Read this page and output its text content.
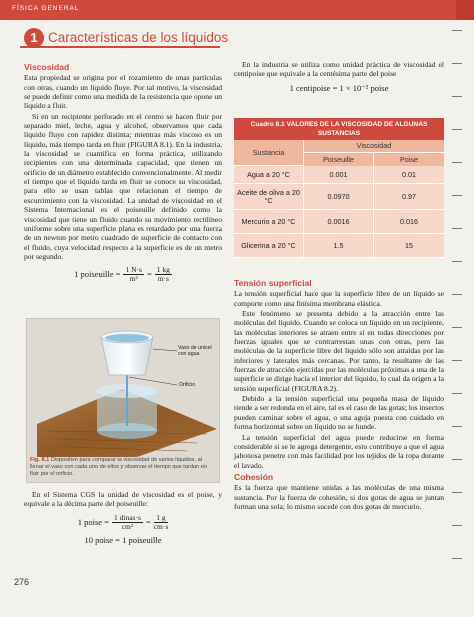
FÍSICA GENERAL
1 Características de los líquidos
Viscosidad

Esta propiedad se origina por el rozamiento de unas partículas con otras, cuando un líquido fluye. Por tal motivo, la viscosidad se puede definir como una medida de la resistencia que opone un líquido a fluir.

Si en un recipiente perforado en el centro se hacen fluir por separado miel, leche, agua y alcohol, observamos que cada líquido fluye con rapidez distinta; mientras más viscoso es un líquido, más tiempo tarda en fluir (FIGURA 8.1). En la industria, la viscosidad se cuantifica en forma práctica, utilizando recipientes con una determinada capacidad, que tienen un orificio de un diámetro establecido convencionalmente. Al medir el tiempo que el líquido tarda en fluir se conoce su viscosidad, para ello se usan tablas que relacionan el tiempo de escurrimiento con la viscosidad. La unidad de viscosidad en el Sistema Internacional es el poiseuille definido como la viscosidad que tiene un fluido cuando su movimiento rectilíneo uniforme sobre una superficie plana es retardado por una fuerza de un newton por metro cuadrado de superficie de contacto con el fluido, cuya velocidad respecto a la superficie es de un metro por segundo.

1 poiseuille = $\frac{1 N\cdot s}{\text{m²}} = \frac{1 kg}{m\cdot s}$
Orificio
Vaso de unicel con agua
Fig. 8.1 Dispositivo para comparar la viscosidad de varios líquidos, al llenar el vaso con cada uno de ellos y observar el tiempo que tardan en fluir por el orificio.

En el Sistema CGS la unidad de viscosidad es el poise, y equivale a la décima parte del poiseuille:

1 poise = $\frac{\text{1 dinas·s}}{\text{cm²}} = \frac{1 g}{cm\cdot s}$
10 poise = 1 poiseuille
276

En la industria se utiliza como unidad práctica de viscosidad el centipoise que equivale a la centésima parte del poise

1 centipoise = 1 × 10⁻² poise
Cuadro 8.1 VALORES DE LA VISCOSIDAD DE ALGUNAS SUSTANCIAS
Sustancia
Viscosidad
Poiseuille	Poise
Agua a 20 °C	0.001	0.01
Aceite de oliva a 20 °C	0.0970	0.97
Mercurio a 20 °C	0.0016	0.016
Glicerina a 20 °C	1.5	15
Tensión superficial

La tensión superficial hace que la superficie libre de un líquido se comporte como una finísima membrana elástica.

Este fenómeno se presenta debido a la atracción entre las moléculas del líquido. Cuando se coloca un líquido en un recipiente, las moléculas interiores se atraen entre sí en todas direcciones por fuerzas iguales que se contrarrestan unas con otras, pero las moléculas de la superficie libre del líquido sólo son atraídas por las inferiores y laterales más cercanas. Por tanto, la resultante de las fuerzas de atracción ejercidas por las moléculas próximas a una de la superficie se dirige hacia el interior del líquido, lo cual da origen a la tensión superficial (FIGURA 8.2).

Debido a la tensión superficial una pequeña masa de líquido tiende a ser redonda en el aire, tal es el caso de las gotas; los insectos pueden caminar sobre el agua, o una aguja puesta con cuidado en forma horizontal sobre un líquido no se hunde.

La tensión superficial del agua puede reducirse en forma considerable si se le agrega detergente, esto contribuye a que el agua jabonosa penetre con más facilidad por los tejidos de la ropa durante el lavado.

Cohesión

Es la fuerza que mantiene unidas a las moléculas de una misma sustancia. Por la fuerza de cohesión, si dos gotas de agua se juntan forman una sola; lo mismo sucede con dos gotas de mercurio.
